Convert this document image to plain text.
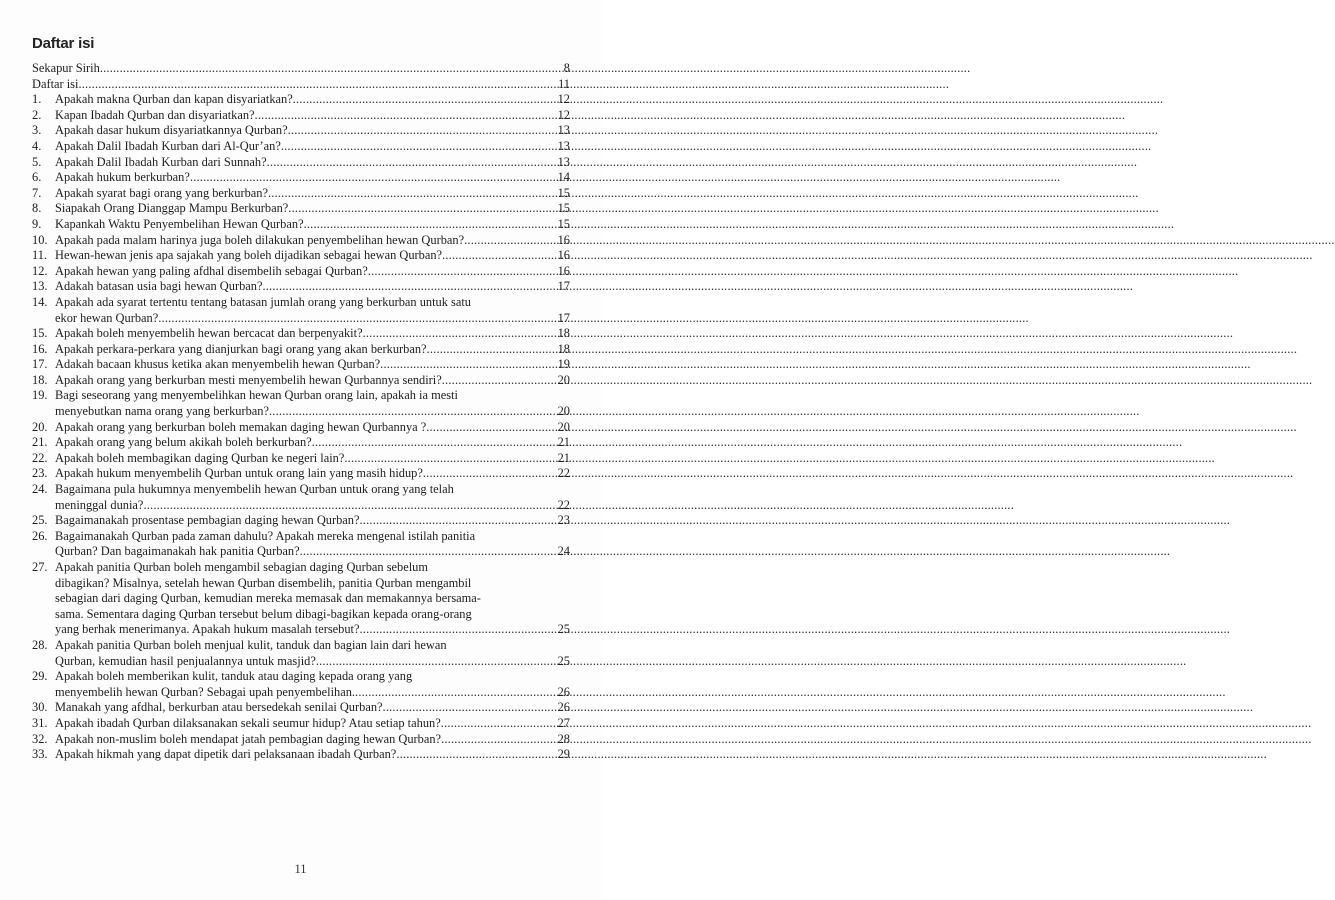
Daftar isi
Sekapur Sirih .....	8
Daftar isi .....	11
1.	Apakah makna Qurban dan kapan disyariatkan? .....	12
2.	Kapan Ibadah Qurban dan disyariatkan? .....	12
3.	Apakah dasar hukum disyariatkannya Qurban? .....	13
4.	Apakah Dalil Ibadah Kurban dari Al-Qur’an? .....	13
5.	Apakah Dalil Ibadah Kurban dari Sunnah? .....	13
6.	Apakah hukum berkurban? .....	14
7.	Apakah syarat bagi orang yang berkurban? .....	15
8.	Siapakah Orang Dianggap Mampu Berkurban? .....	15
9.	Kapankah Waktu Penyembelihan Hewan Qurban? .....	15
10. Apakah pada malam harinya juga boleh dilakukan penyembelihan hewan Qurban? .....	16
11. Hewan-hewan jenis apa sajakah yang boleh dijadikan sebagai hewan Qurban? .....	16
12. Apakah hewan yang paling afdhal disembelih sebagai Qurban? .....	16
13. Adakah batasan usia bagi hewan Qurban? .....	17
14. Apakah ada syarat tertentu tentang batasan jumlah orang yang berkurban untuk satu
ekor hewan Qurban? .....	17
15. Apakah boleh menyembelih hewan bercacat dan berpenyakit? .....	18
16. Apakah perkara-perkara yang dianjurkan bagi orang yang akan berkurban? .....	18
17. Adakah bacaan khusus ketika akan menyembelih hewan Qurban? .....	19
18. Apakah orang yang berkurban mesti menyembelih hewan Qurbannya sendiri? .....	20
19. Bagi seseorang yang menyembelihkan hewan Qurban orang lain, apakah ia mesti
menyebutkan nama orang yang berkurban? .....	20
20. Apakah orang yang berkurban boleh memakan daging hewan Qurbannya ? .....	20
21. Apakah orang yang belum akikah boleh berkurban? .....	21
22. Apakah boleh membagikan daging Qurban ke negeri lain? .....	21
23. Apakah hukum menyembelih Qurban untuk orang lain yang masih hidup? .....	22
24. Bagaimana pula hukumnya menyembelih hewan Qurban untuk orang yang telah
meninggal dunia? .....	22
25. Bagaimanakah prosentase pembagian daging hewan Qurban? .....	23
26. Bagaimanakah Qurban pada zaman dahulu? Apakah mereka mengenal istilah panitia
Qurban? Dan bagaimanakah hak panitia Qurban? .....	24
27. Apakah panitia Qurban boleh mengambil sebagian daging Qurban sebelum
dibagikan? Misalnya, setelah hewan Qurban disembelih, panitia Qurban mengambil
sebagian dari daging Qurban, kemudian mereka memasak dan memakannya bersama-
sama. Sementara daging Qurban tersebut belum dibagi-bagikan kepada orang-orang
yang berhak menerimanya. Apakah hukum masalah tersebut? .....	25
28. Apakah panitia Qurban boleh menjual kulit, tanduk dan bagian lain dari hewan
Qurban, kemudian hasil penjualannya untuk masjid? .....	25
29. Apakah boleh memberikan kulit, tanduk atau daging kepada orang yang
menyembelih hewan Qurban? Sebagai upah penyembelihan. .....	26
30. Manakah yang afdhal, berkurban atau bersedekah senilai Qurban? .....	26
31. Apakah ibadah Qurban dilaksanakan sekali seumur hidup? Atau setiap tahun? .....	27
32. Apakah non-muslim boleh mendapat jatah pembagian daging hewan Qurban? .....	28
33. Apakah hikmah yang dapat dipetik dari pelaksanaan ibadah Qurban? .....	29
11
